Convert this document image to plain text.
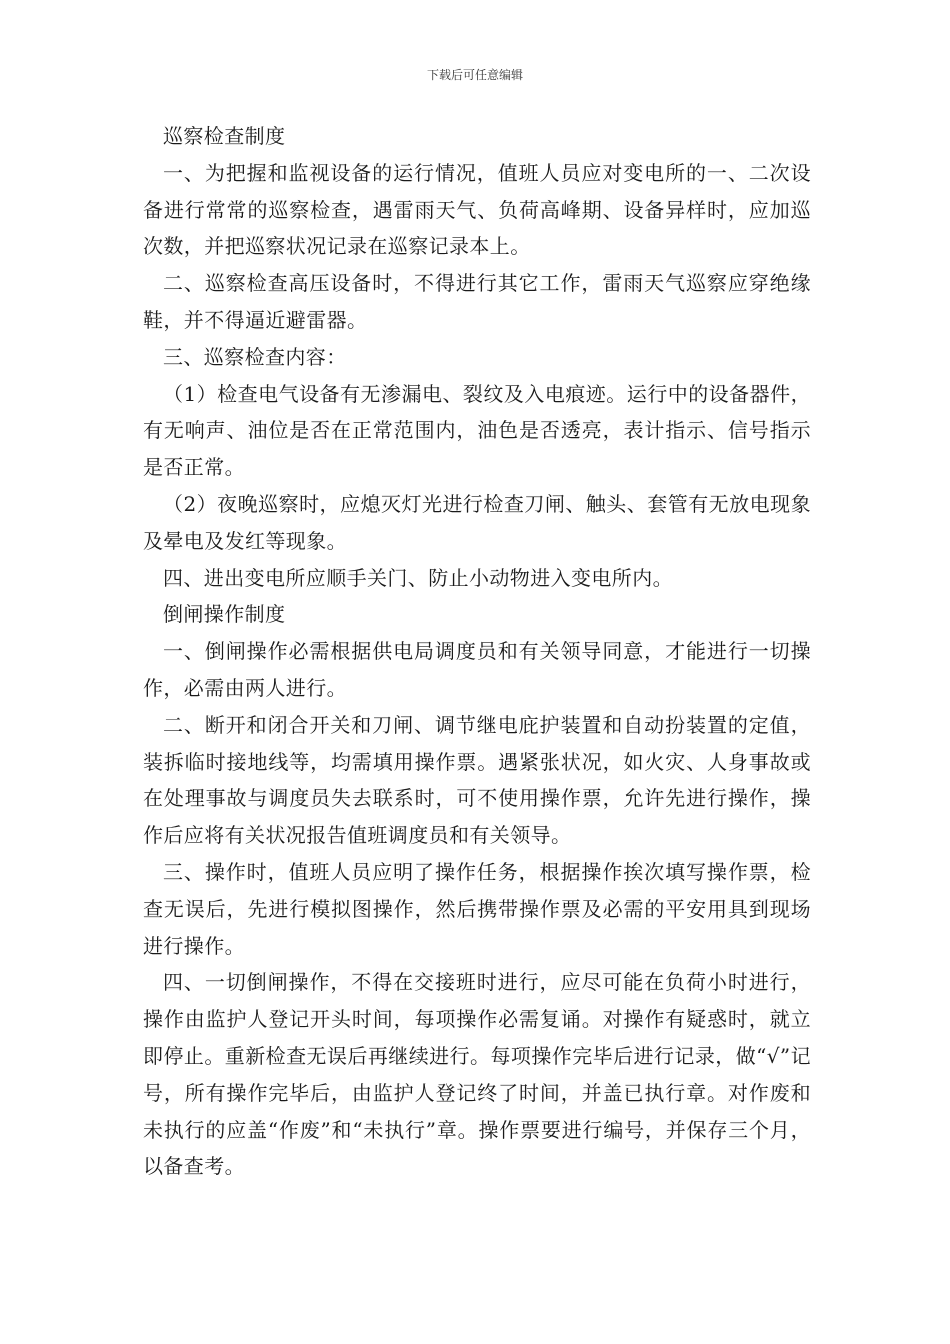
下载后可任意编辑

巡察检查制度

一、为把握和监视设备的运行情况，值班人员应对变电所的一、二次设备进行常常的巡察检查，遇雷雨天气、负荷高峰期、设备异样时，应加巡次数，并把巡察状况记录在巡察记录本上。

二、巡察检查高压设备时，不得进行其它工作，雷雨天气巡察应穿绝缘鞋，并不得逼近避雷器。

三、巡察检查内容：

（1）检查电气设备有无渗漏电、裂纹及入电痕迹。运行中的设备器件，有无响声、油位是否在正常范围内，油色是否透亮，表计指示、信号指示是否正常。

（2）夜晚巡察时，应熄灭灯光进行检查刀闸、触头、套管有无放电现象及晕电及发红等现象。

四、进出变电所应顺手关门、防止小动物进入变电所内。

倒闸操作制度

一、倒闸操作必需根据供电局调度员和有关领导同意，才能进行一切操作，必需由两人进行。

二、断开和闭合开关和刀闸、调节继电庇护装置和自动扮装置的定值，装拆临时接地线等，均需填用操作票。遇紧张状况，如火灾、人身事故或在处理事故与调度员失去联系时，可不使用操作票，允许先进行操作，操作后应将有关状况报告值班调度员和有关领导。

三、操作时，值班人员应明了操作任务，根据操作挨次填写操作票，检查无误后，先进行模拟图操作，然后携带操作票及必需的平安用具到现场进行操作。

四、一切倒闸操作，不得在交接班时进行，应尽可能在负荷小时进行，操作由监护人登记开头时间，每项操作必需复诵。对操作有疑惑时，就立即停止。重新检查无误后再继续进行。每项操作完毕后进行记录，做“√”记号，所有操作完毕后，由监护人登记终了时间，并盖已执行章。对作废和未执行的应盖“作废”和“未执行”章。操作票要进行编号，并保存三个月，以备查考。
